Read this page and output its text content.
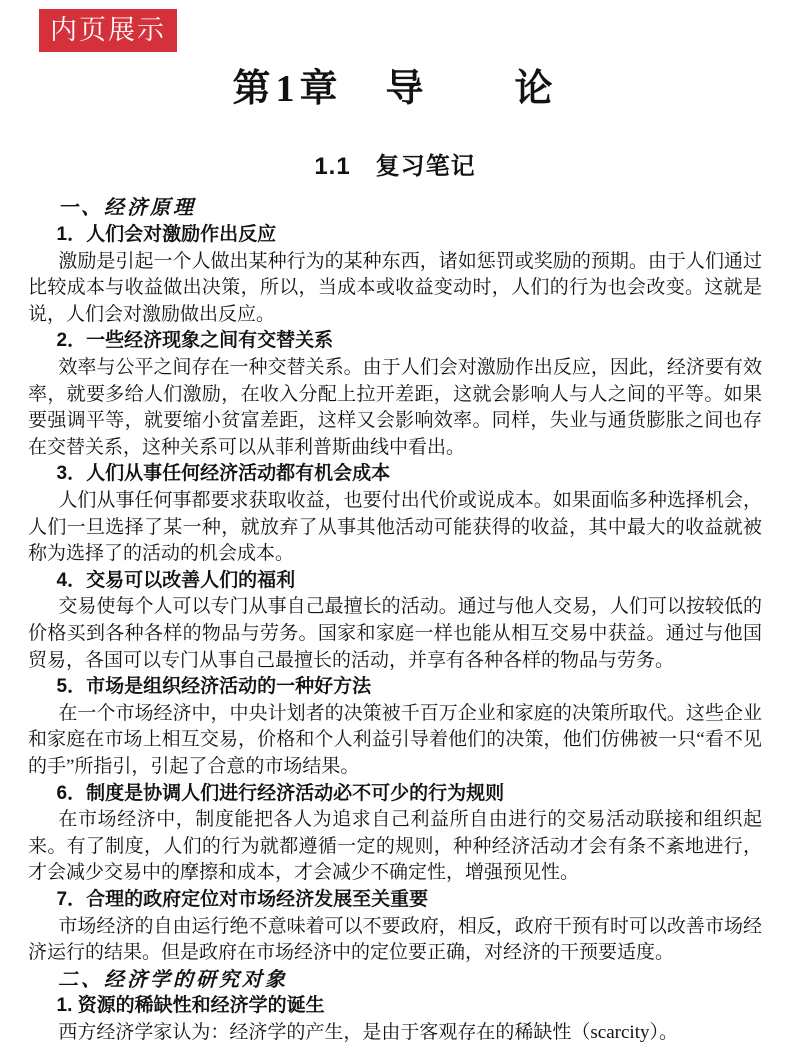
内页展示
第1章　导　　论
1.1　复习笔记
一、经济原理
1．人们会对激励作出反应
激励是引起一个人做出某种行为的某种东西，诸如惩罚或奖励的预期。由于人们通过比较成本与收益做出决策，所以，当成本或收益变动时，人们的行为也会改变。这就是说，人们会对激励做出反应。
2．一些经济现象之间有交替关系
效率与公平之间存在一种交替关系。由于人们会对激励作出反应，因此，经济要有效率，就要多给人们激励，在收入分配上拉开差距，这就会影响人与人之间的平等。如果要强调平等，就要缩小贫富差距，这样又会影响效率。同样，失业与通货膨胀之间也存在交替关系，这种关系可以从菲利普斯曲线中看出。
3．人们从事任何经济活动都有机会成本
人们从事任何事都要求获取收益，也要付出代价或说成本。如果面临多种选择机会，人们一旦选择了某一种，就放弃了从事其他活动可能获得的收益，其中最大的收益就被称为选择了的活动的机会成本。
4．交易可以改善人们的福利
交易使每个人可以专门从事自己最擅长的活动。通过与他人交易，人们可以按较低的价格买到各种各样的物品与劳务。国家和家庭一样也能从相互交易中获益。通过与他国贸易，各国可以专门从事自己最擅长的活动，并享有各种各样的物品与劳务。
5．市场是组织经济活动的一种好方法
在一个市场经济中，中央计划者的决策被千百万企业和家庭的决策所取代。这些企业和家庭在市场上相互交易，价格和个人利益引导着他们的决策，他们仿佛被一只“看不见的手”所指引，引起了合意的市场结果。
6．制度是协调人们进行经济活动必不可少的行为规则
在市场经济中，制度能把各人为追求自己利益所自由进行的交易活动联接和组织起来。有了制度，人们的行为就都遵循一定的规则，种种经济活动才会有条不紊地进行，才会减少交易中的摩擦和成本，才会减少不确定性，增强预见性。
7．合理的政府定位对市场经济发展至关重要
市场经济的自由运行绝不意味着可以不要政府，相反，政府干预有时可以改善市场经济运行的结果。但是政府在市场经济中的定位要正确，对经济的干预要适度。
二、经济学的研究对象
1. 资源的稀缺性和经济学的诞生
西方经济学家认为：经济学的产生，是由于客观存在的稀缺性（scarcity）。
